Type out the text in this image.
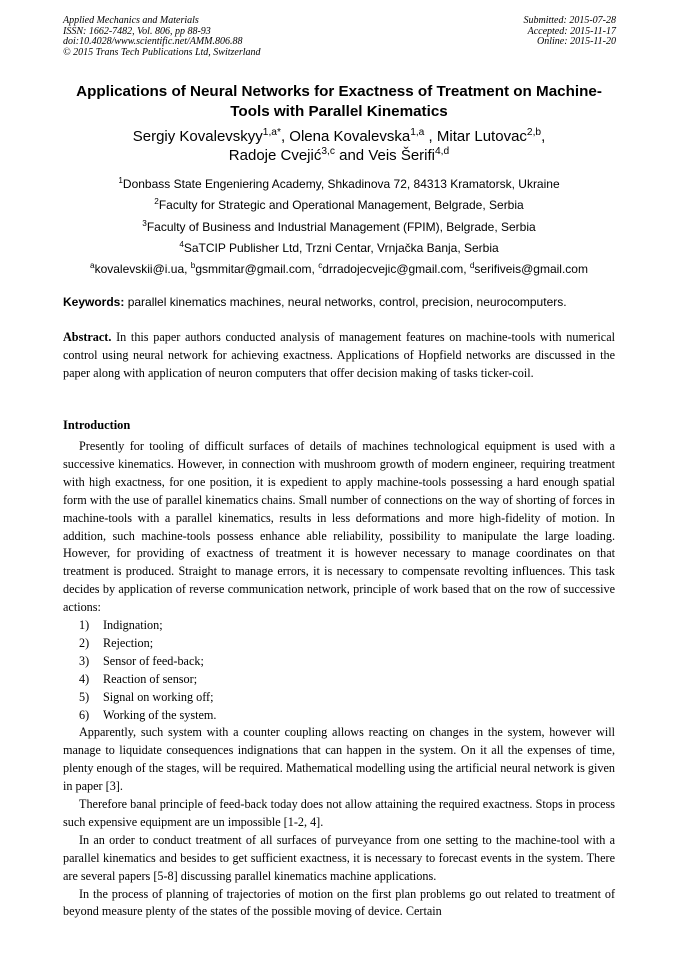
Applied Mechanics and Materials
ISSN: 1662-7482, Vol. 806, pp 88-93
doi:10.4028/www.scientific.net/AMM.806.88
© 2015 Trans Tech Publications Ltd, Switzerland
Submitted: 2015-07-28
Accepted: 2015-11-17
Online: 2015-11-20
Applications of Neural Networks for Exactness of Treatment on Machine-Tools with Parallel Kinematics
Sergiy Kovalevskyy$^{1,a*}$, Olena Kovalevska$^{1,a}$ , Mitar Lutovac$^{2,b}$,
Radoje Cvejić$^{3,c}$ and Veis Šerifi$^{4,d}$
$^1$Donbass State Engeniering Academy, Shkadinova 72, 84313 Kramatorsk, Ukraine
$^2$Faculty for Strategic and Operational Management, Belgrade, Serbia
$^3$Faculty of Business and Industrial Management (FPIM), Belgrade, Serbia
$^4$SaTCIP Publisher Ltd, Trzni Centar, Vrnjačka Banja, Serbia
$^a$kovalevskii@i.ua, $^b$gsmmitar@gmail.com, $^c$drradojecvejic@gmail.com, $^d$serifiveis@gmail.com
Keywords: parallel kinematics machines, neural networks, control, precision, neurocomputers.
Abstract. In this paper authors conducted analysis of management features on machine-tools with numerical control using neural network for achieving exactness. Applications of Hopfield networks are discussed in the paper along with application of neuron computers that offer decision making of tasks ticker-coil.
Introduction

Presently for tooling of difficult surfaces of details of machines technological equipment is used with a successive kinematics. However, in connection with mushroom growth of modern engineer, requiring treatment with high exactness, for one position, it is expedient to apply machine-tools possessing a hard enough spatial form with the use of parallel kinematics chains. Small number of connections on the way of shorting of forces in machine-tools with a parallel kinematics, results in less deformations and more high-fidelity of motion. In addition, such machine-tools possess enhance able reliability, possibility to manipulate the large loading. However, for providing of exactness of treatment it is however necessary to manage coordinates on that treatment is produced. Straight to manage errors, it is necessary to compensate revolting influences. This task decides by application of reverse communication network, principle of work based that on the row of successive actions:

1) Indignation;
2) Rejection;
3) Sensor of feed-back;
4) Reaction of sensor;
5) Signal on working off;
6) Working of the system.

Apparently, such system with a counter coupling allows reacting on changes in the system, however will manage to liquidate consequences indignations that can happen in the system. On it all the expenses of time, plenty enough of the stages, will be required. Mathematical modelling using the artificial neural network is given in paper [3].

Therefore banal principle of feed-back today does not allow attaining the required exactness. Stops in process such expensive equipment are un impossible [1-2, 4].

In an order to conduct treatment of all surfaces of purveyance from one setting to the machine-tool with a parallel kinematics and besides to get sufficient exactness, it is necessary to forecast events in the system. There are several papers [5-8] discussing parallel kinematics machine applications.

In the process of planning of trajectories of motion on the first plan problems go out related to treatment of beyond measure plenty of the states of the possible moving of device. Certain
